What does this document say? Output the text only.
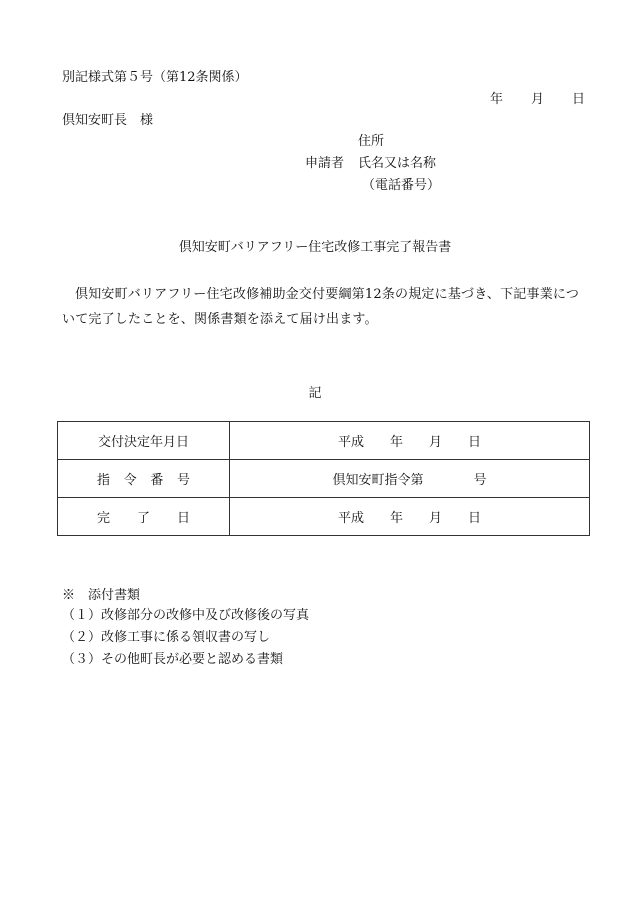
別記様式第５号（第12条関係）
年 月 日
倶知安町長　様
住所
申請者 氏名又は名称
（電話番号）
倶知安町バリアフリー住宅改修工事完了報告書
倶知安町バリアフリー住宅改修補助金交付要綱第12条の規定に基づき、下記事業について完了したことを、関係書類を添えて届け出ます。
記
交付決定年月日	平成 年 月 日
指令番号	倶知安町指令第 号
完了日	平成 年 月 日
※　添付書類
（１）改修部分の改修中及び改修後の写真
（２）改修工事に係る領収書の写し
（３）その他町長が必要と認める書類
